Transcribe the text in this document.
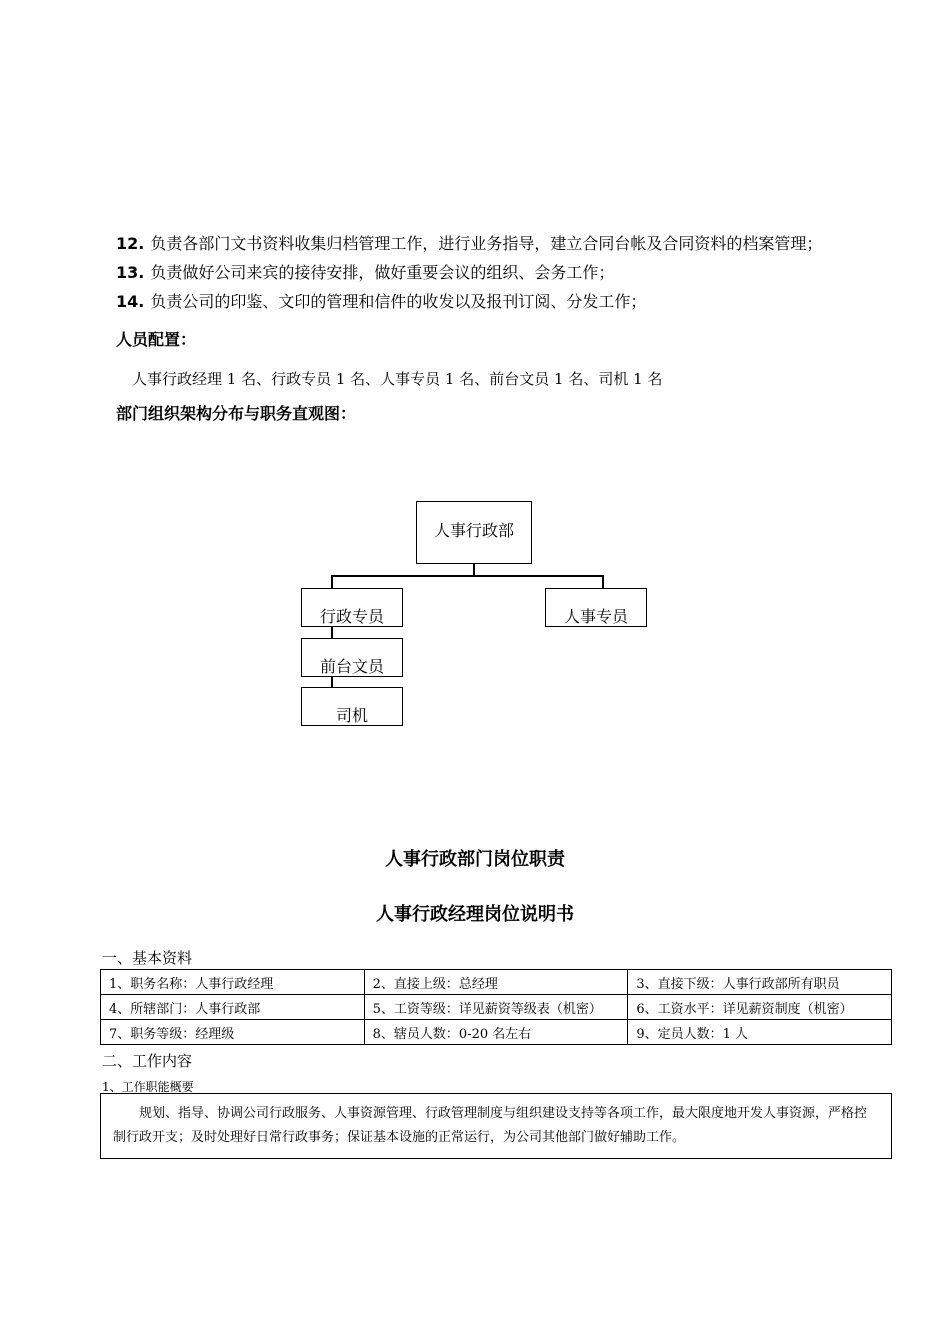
12. 负责各部门文书资料收集归档管理工作，进行业务指导，建立合同台帐及合同资料的档案管理；
13. 负责做好公司来宾的接待安排，做好重要会议的组织、会务工作；
14. 负责公司的印鉴、文印的管理和信件的收发以及报刊订阅、分发工作；
人员配置：
人事行政经理 1 名、行政专员 1 名、人事专员 1 名、前台文员 1 名、司机 1 名
部门组织架构分布与职务直观图：
人事行政部
行政专员	人事专员
前台文员
司机
人事行政部门岗位职责
人事行政经理岗位说明书
一、基本资料
1、职务名称：人事行政经理	2、直接上级：总经理	3、直接下级：人事行政部所有职员
4、所辖部门：人事行政部	5、工资等级：详见薪资等级表（机密）	6、工资水平：详见薪资制度（机密）
7、职务等级：经理级	8、辖员人数：0-20 名左右	9、定员人数：1 人
二、工作内容
1、工作职能概要

规划、指导、协调公司行政服务、人事资源管理、行政管理制度与组织建设支持等各项工作，最大限度地开发人事资源，严格控制行政开支；及时处理好日常行政事务；保证基本设施的正常运行，为公司其他部门做好辅助工作。
